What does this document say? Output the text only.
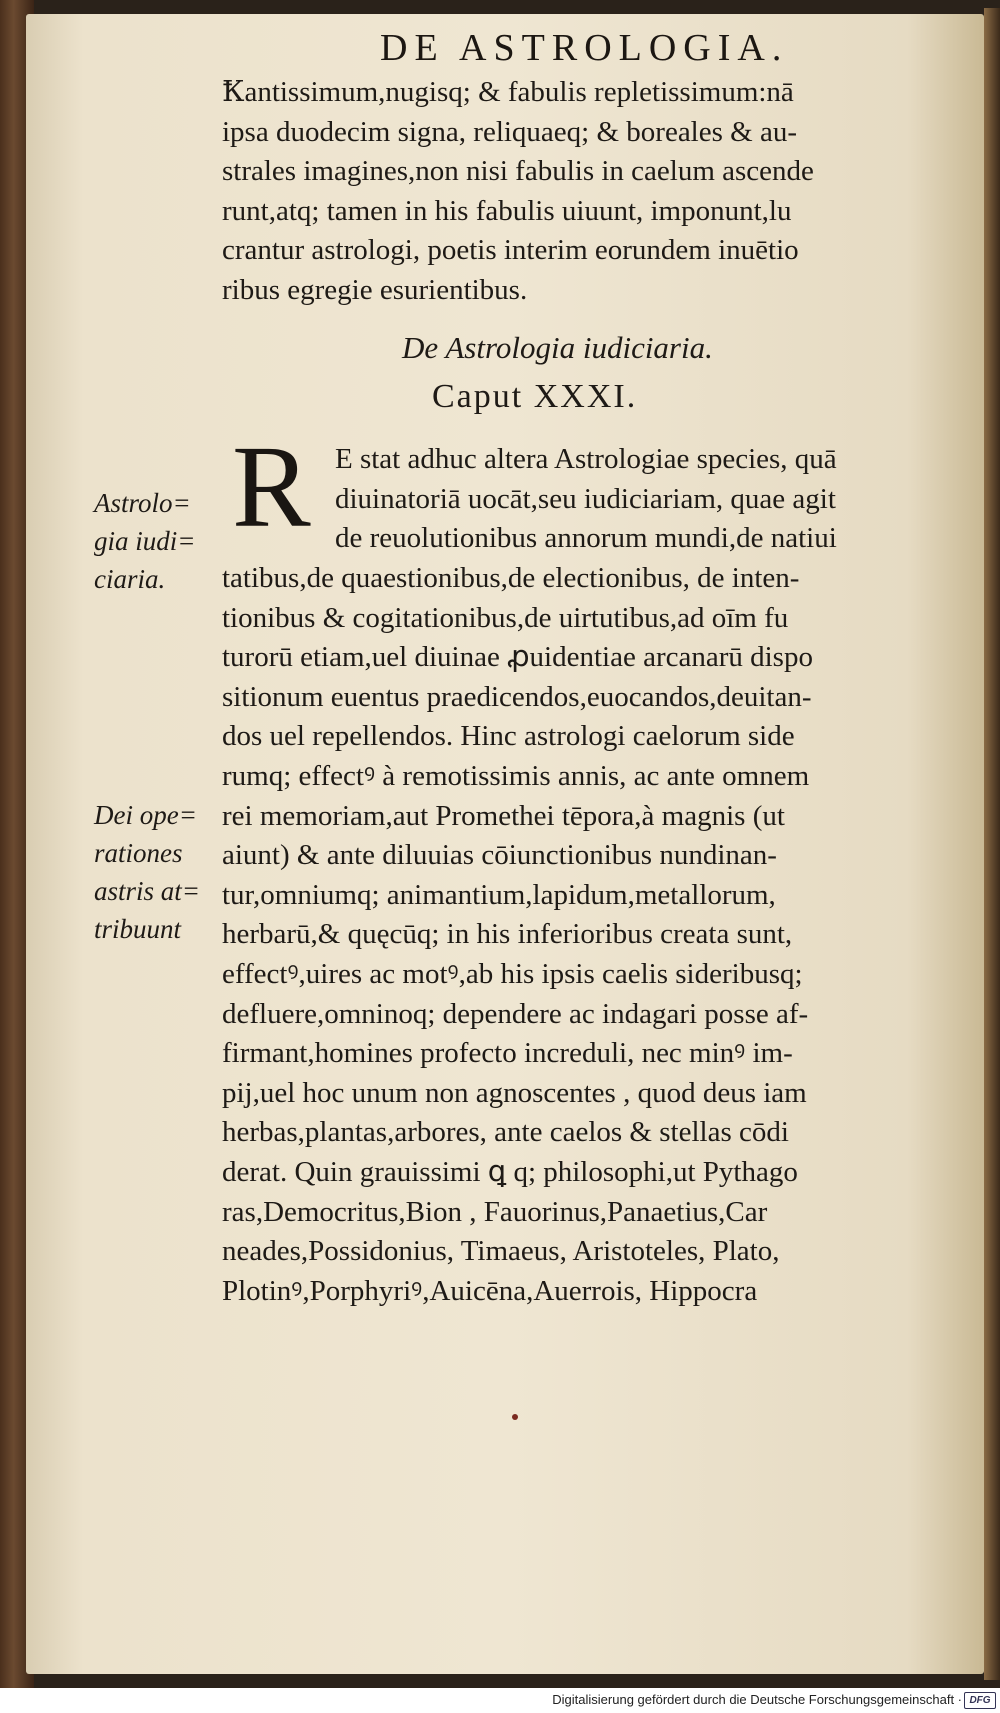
DE ASTROLOGIA.
Ꝁantissimum,nugisq; & fabulis repletissimum:nā
ipsa duodecim signa, reliquaeq; & boreales & au-
strales imagines,non nisi fabulis in caelum ascende
runt,atq; tamen in his fabulis uiuunt, imponunt,lu
crantur astrologi, poetis interim eorundem inuētio
ribus egregie esurientibus.
De Astrologia iudiciaria.
Caput XXXI.
R E stat adhuc altera Astrologiae species, quā
diuinatoriā uocāt,seu iudiciariam, quae agit
de reuolutionibus annorum mundi,de natiui
tatibus,de quaestionibus,de electionibus, de inten-
tionibus & cogitationibus,de uirtutibus,ad oīm fu
turorū etiam,uel diuinae ꝓuidentiae arcanarū dispo
sitionum euentus praedicendos,euocandos,deuitan-
dos uel repellendos. Hinc astrologi caelorum side
rumq; effectꝰ à remotissimis annis, ac ante omnem
rei memoriam,aut Promethei tēpora,à magnis (ut
aiunt) & ante diluuias cōiunctionibus nundinan-
tur,omniumq; animantium,lapidum,metallorum,
herbarū,& quęcūq; in his inferioribus creata sunt,
effectꝰ,uires ac motꝰ,ab his ipsis caelis sideribusq;
defluere,omninoq; dependere ac indagari posse af-
firmant,homines profecto increduli, nec minꝰ im-
pij,uel hoc unum non agnoscentes , quod deus iam
herbas,plantas,arbores, ante caelos & stellas cōdi
derat. Quin grauissimi ꝗ q; philosophi,ut Pythago
ras,Democritus,Bion , Fauorinus,Panaetius,Car
neades,Possidonius, Timaeus, Aristoteles, Plato,
Plotinꝰ,Porphyriꝰ,Auicēna,Auerrois, Hippocra
Astrolo=
gia iudi=
ciaria.
Dei ope=
rationes
astris at=
tribuunt
Digitalisierung gefördert durch die Deutsche Forschungsgemeinschaft · DFG
